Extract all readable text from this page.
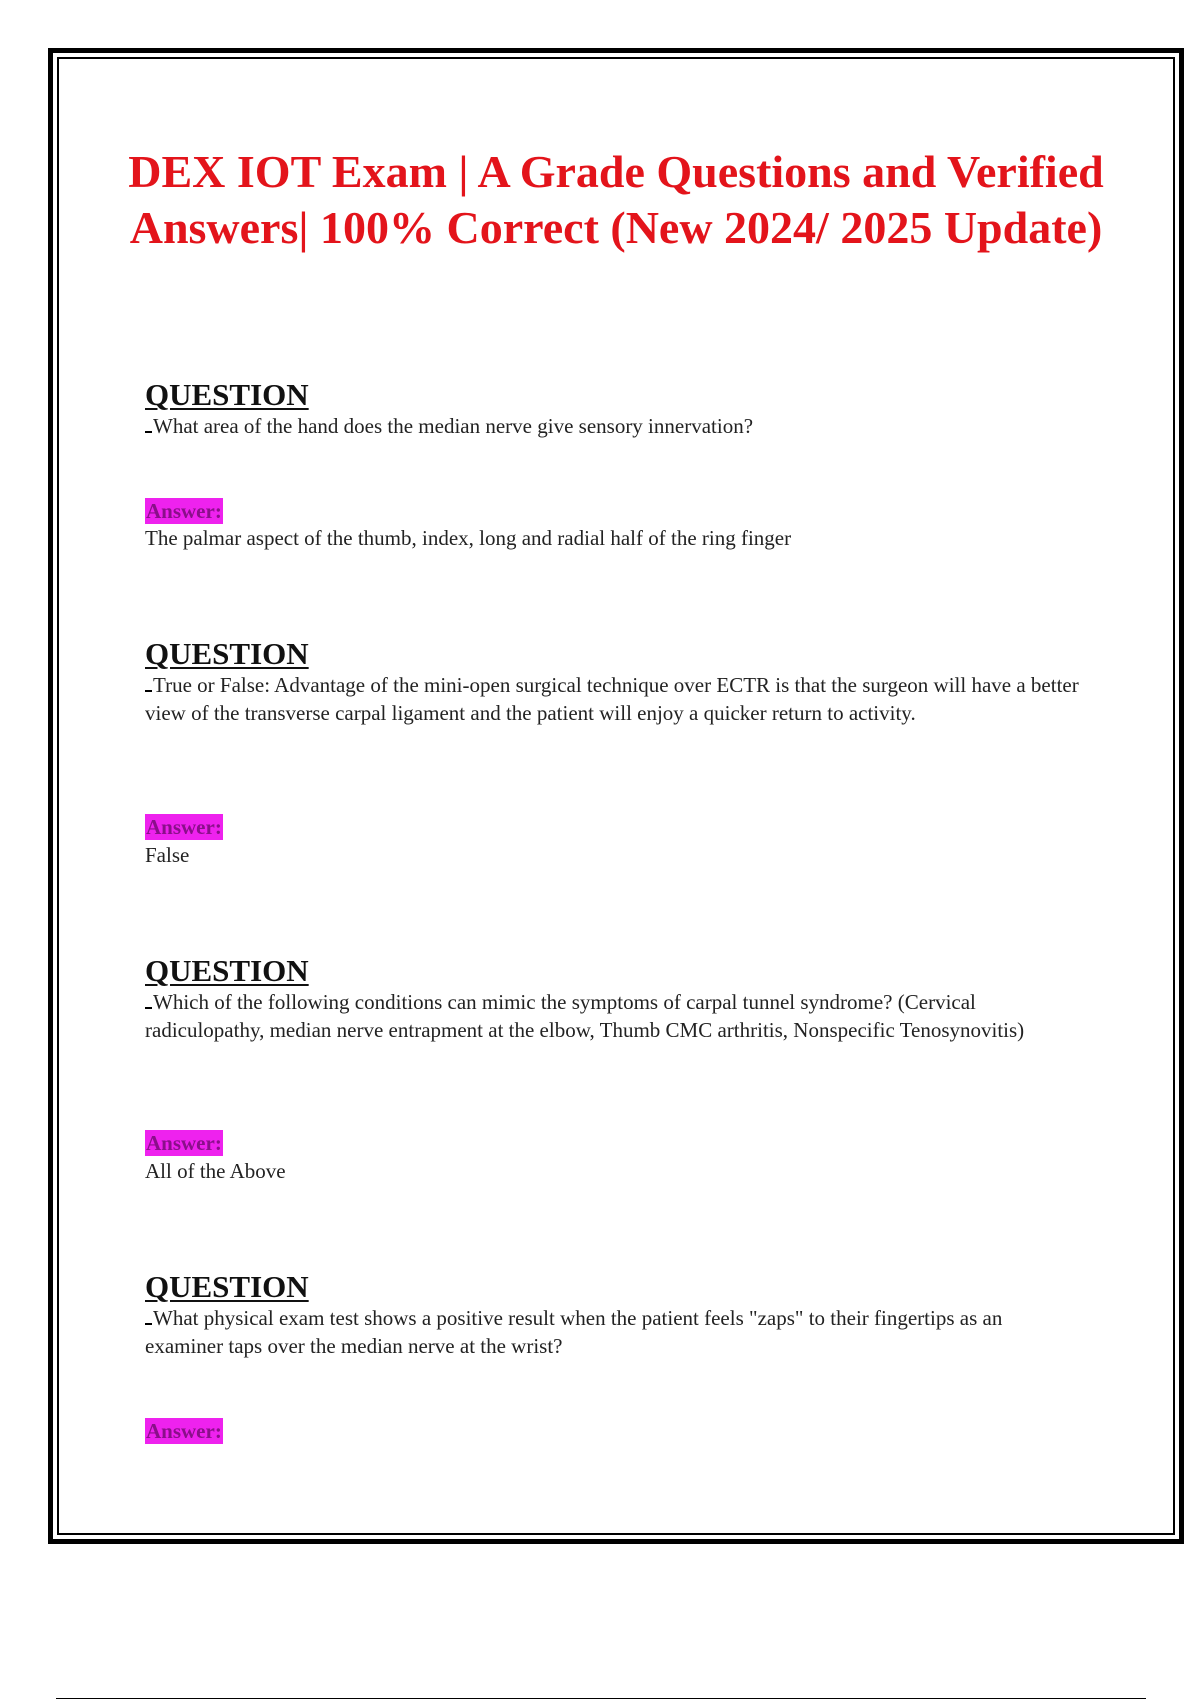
DEX IOT Exam | A Grade Questions and Verified Answers| 100% Correct (New 2024/ 2025 Update)
QUESTION

What area of the hand does the median nerve give sensory innervation?

Answer:

The palmar aspect of the thumb, index, long and radial half of the ring finger

QUESTION

True or False: Advantage of the mini-open surgical technique over ECTR is that the surgeon will have a better view of the transverse carpal ligament and the patient will enjoy a quicker return to activity.

Answer:

False

QUESTION

Which of the following conditions can mimic the symptoms of carpal tunnel syndrome? (Cervical radiculopathy, median nerve entrapment at the elbow, Thumb CMC arthritis, Nonspecific Tenosynovitis)

Answer:

All of the Above

QUESTION

What physical exam test shows a positive result when the patient feels "zaps" to their fingertips as an examiner taps over the median nerve at the wrist?

Answer:
